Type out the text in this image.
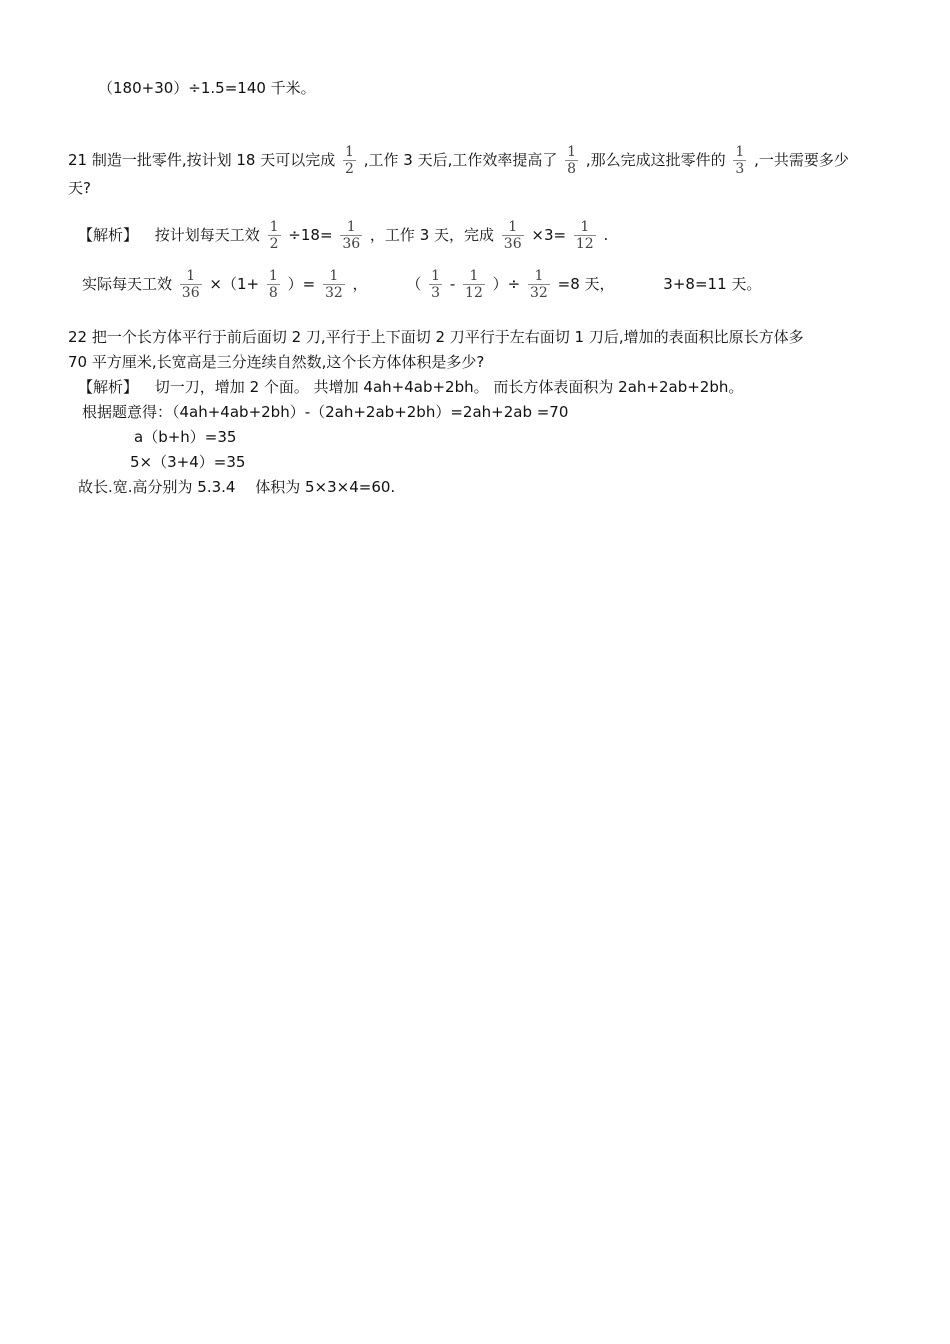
（180+30）÷1.5=140 千米。
21 制造一批零件,按计划 18 天可以完成 $\frac{1}{2}$ ,工作 3 天后,工作效率提高了 $\frac{1}{8}$ ,那么完成这批零件的 $\frac{1}{3}$ ,一共需要多少
天?
【解析】 按计划每天工效 $\frac{1}{2} \div 18= \frac{1}{36}$ ，工作 3 天，完成 $\frac{1}{36} \times 3= \frac{1}{12}$ .
实际每天工效 $\frac{1}{36} \times(1+ \frac{1}{8}$ ）= $\frac{1}{32}$ ，	（ $\frac{1}{3} - \frac{1}{12}$ ）÷ $\frac{1}{32} =8$ 天，	3+8=11 天。
22 把一个长方体平行于前后面切 2 刀,平行于上下面切 2 刀平行于左右面切 1 刀后,增加的表面积比原长方体多
70 平方厘米,长宽高是三分连续自然数,这个长方体体积是多少?
【解析】 切一刀，增加 2 个面。 共增加 4ah+4ab+2bh。 而长方体表面积为 2ah+2ab+2bh。
根据题意得：（4ah+4ab+2bh）-（2ah+2ab+2bh）=2ah+2ab =70
a（b+h）=35
5×（3+4）=35
故长.宽.高分别为 5.3.4　 体积为 5×3×4=60.
